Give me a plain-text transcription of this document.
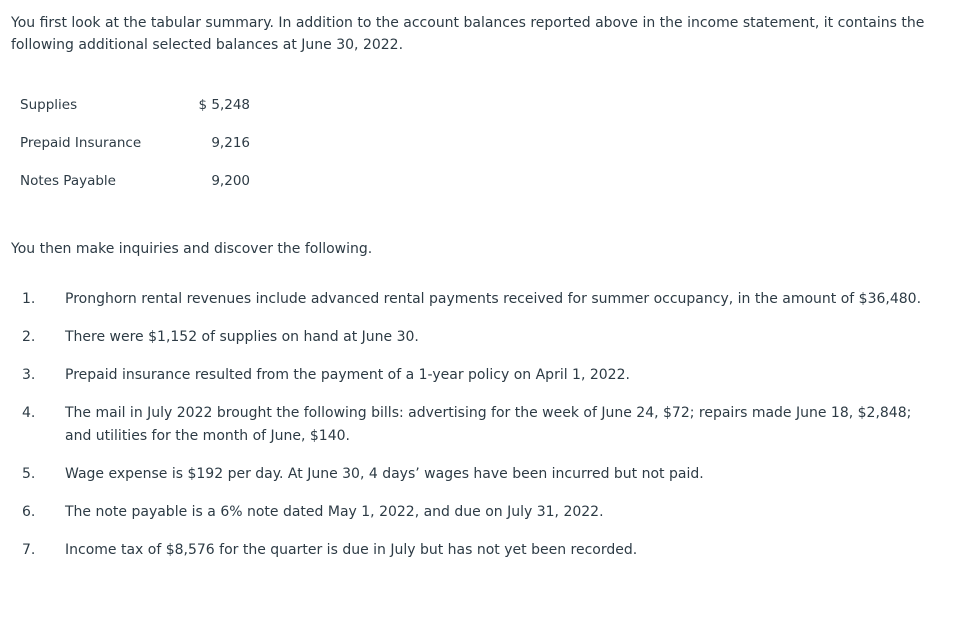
You first look at the tabular summary. In addition to the account balances reported above in the income statement, it contains the following additional selected balances at June 30, 2022.

Supplies	$ 5,248
Prepaid Insurance	9,216
Notes Payable	9,200

You then make inquiries and discover the following.

1. Pronghorn rental revenues include advanced rental payments received for summer occupancy, in the amount of $36,480.
2. There were $1,152 of supplies on hand at June 30.
3. Prepaid insurance resulted from the payment of a 1-year policy on April 1, 2022.
4. The mail in July 2022 brought the following bills: advertising for the week of June 24, $72; repairs made June 18, $2,848; and utilities for the month of June, $140.
5. Wage expense is $192 per day. At June 30, 4 days’ wages have been incurred but not paid.
6. The note payable is a 6% note dated May 1, 2022, and due on July 31, 2022.
7. Income tax of $8,576 for the quarter is due in July but has not yet been recorded.
